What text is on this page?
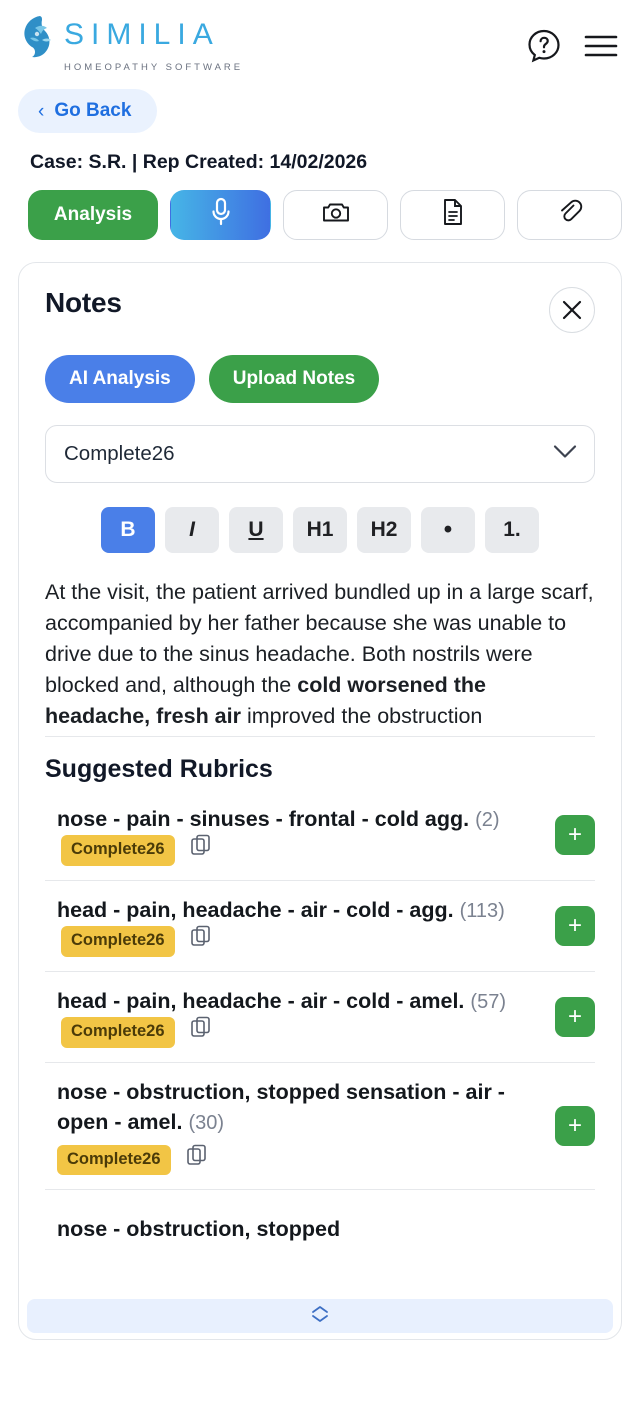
SIMILIA
HOMEOPATHY SOFTWARE
‹ Go Back
Case: S.R. | Rep Created: 14/02/2026
Analysis
Notes
AI Analysis	Upload Notes
Complete26
B	I	U	H1	H2	•	1.
At the visit, the patient arrived bundled up in a large scarf, accompanied by her father because she was unable to drive due to the sinus headache. Both nostrils were blocked and, although the cold worsened the headache, fresh air improved the obstruction
Suggested Rubrics
nose - pain - sinuses - frontal - cold agg. (2) Complete26
+
head - pain, headache - air - cold - agg. (113) Complete26
+
head - pain, headache - air - cold - amel. (57) Complete26
+
nose - obstruction, stopped sensation - air - open - amel. (30)
Complete26
+
nose - obstruction, stopped
